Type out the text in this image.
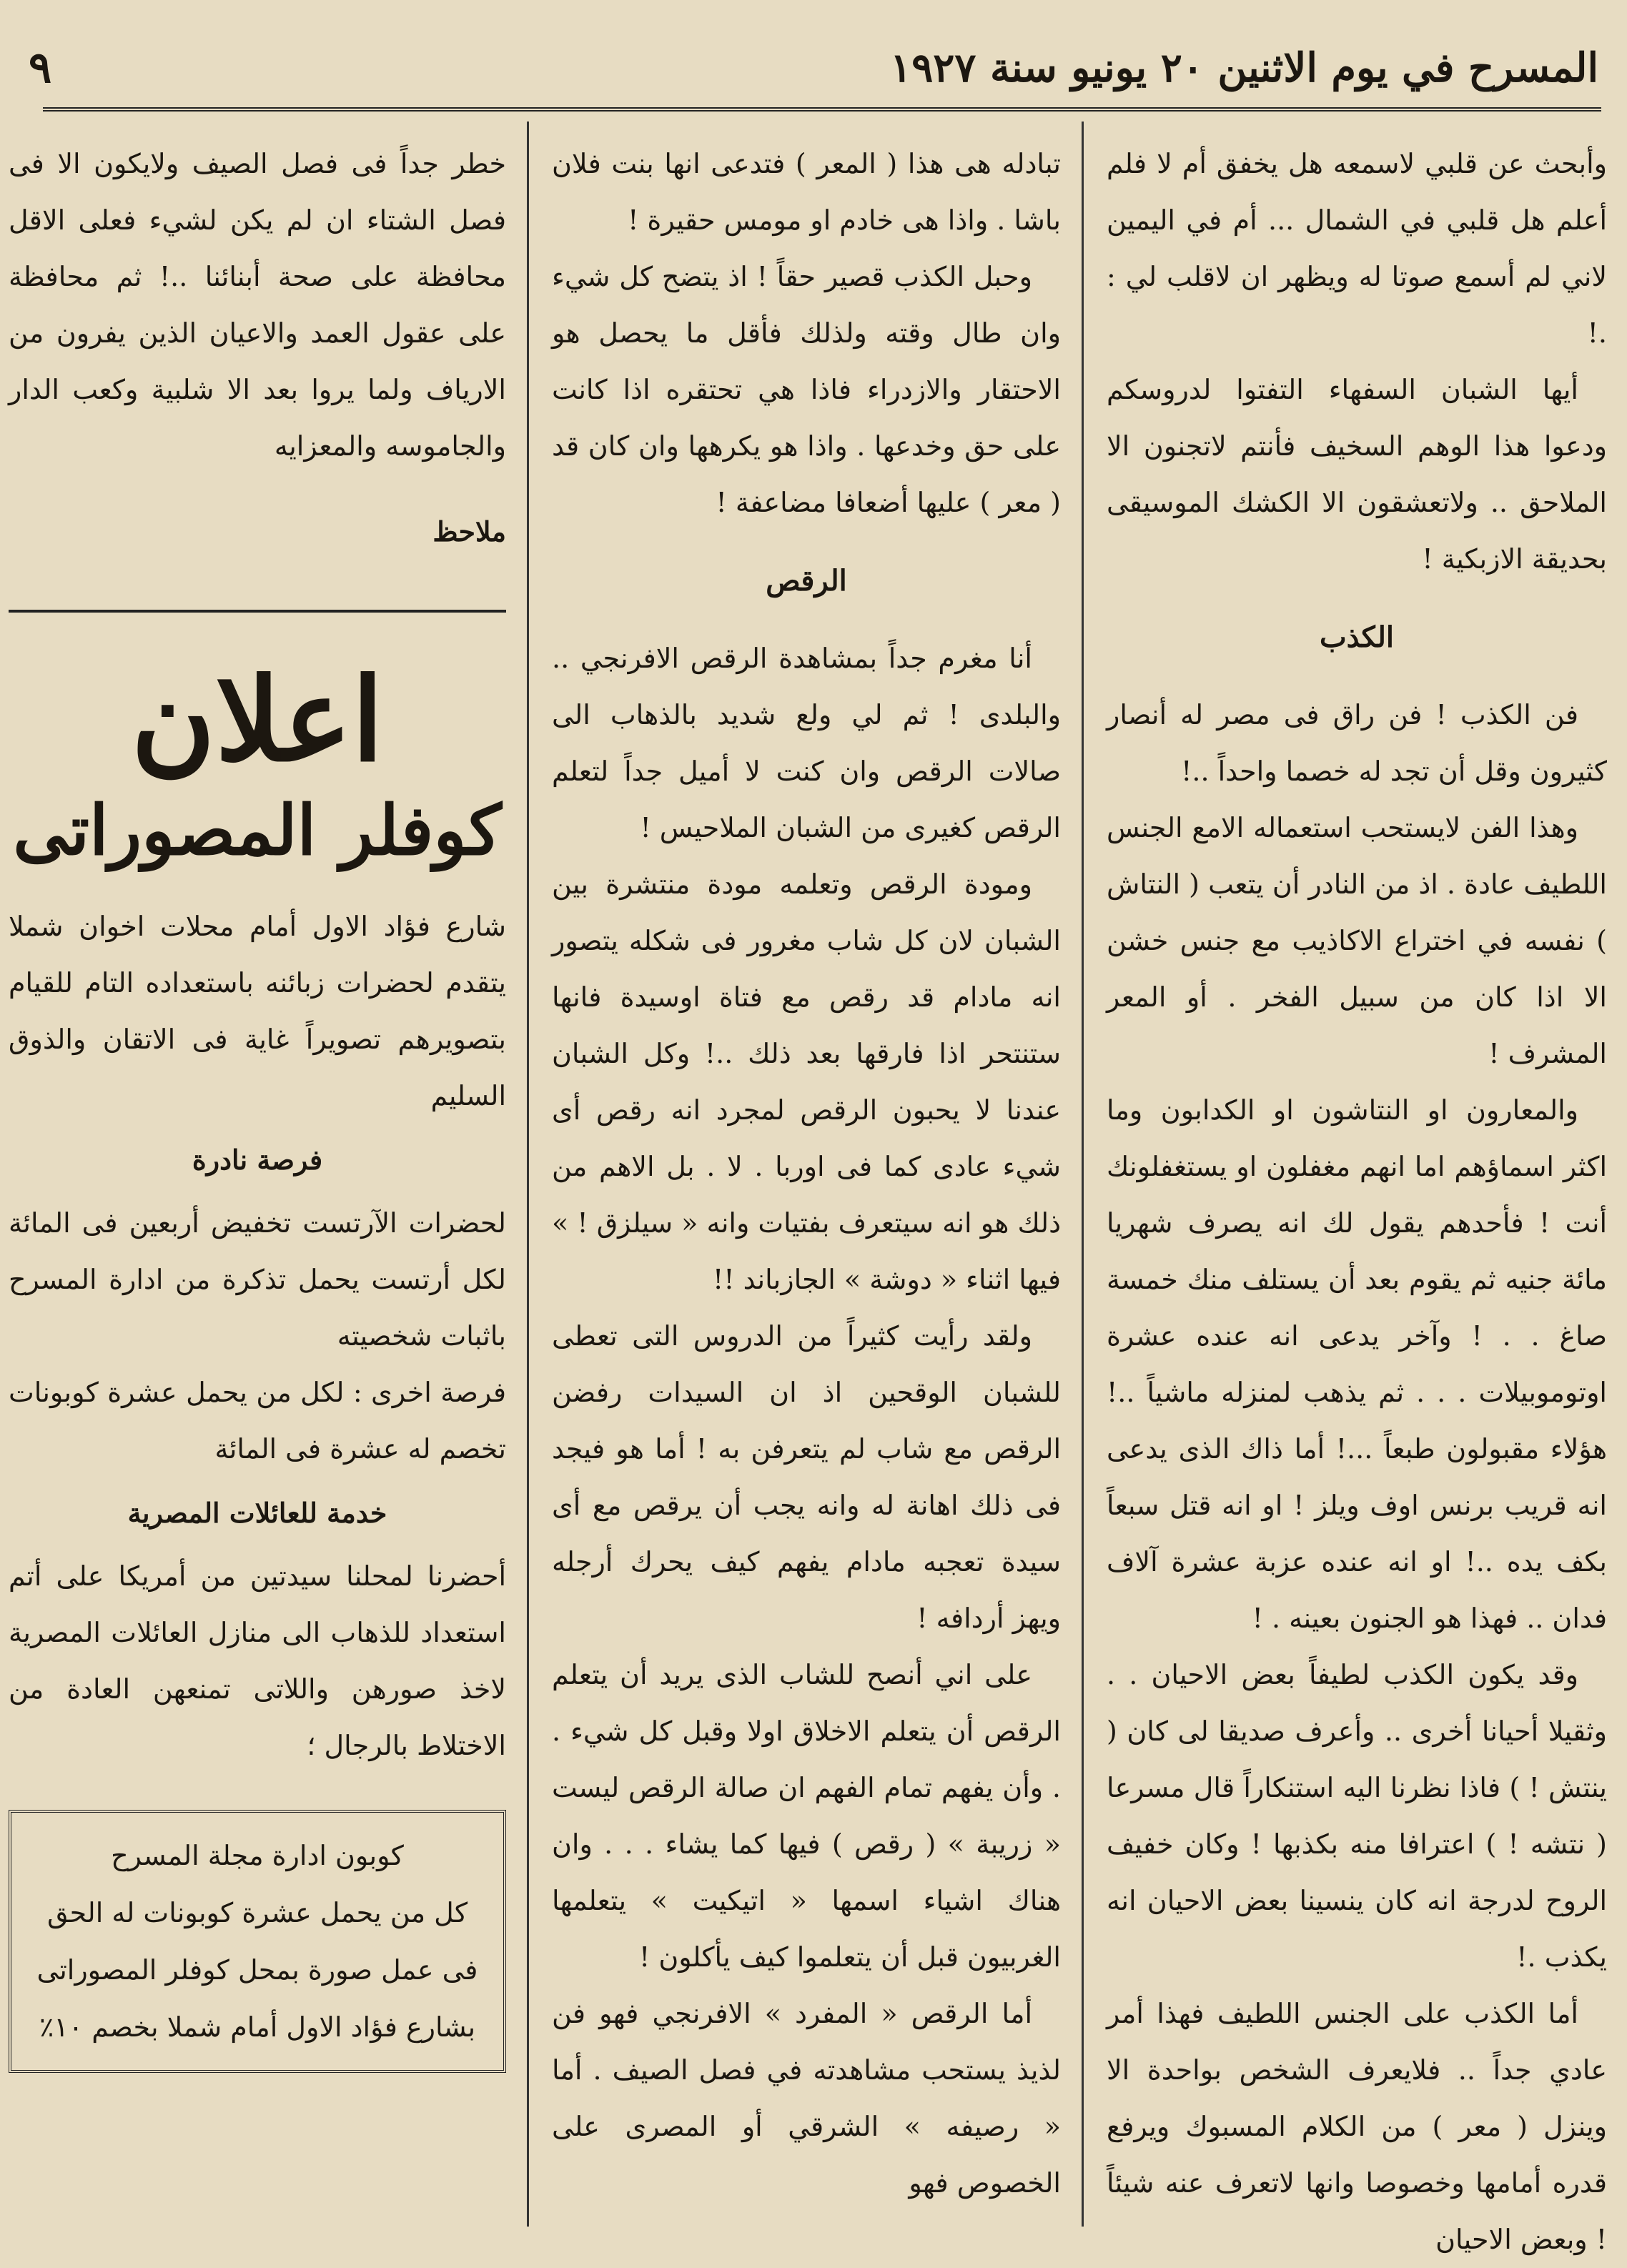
٩	المسرح في يوم الاثنين ٢٠ يونيو سنة ١٩٢٧

وأبحث عن قلبي لاسمعه هل يخفق أم لا فلم أعلم هل قلبي في الشمال ... أم في اليمين لاني لم أسمع صوتا له ويظهر ان لاقلب لي : .!

أيها الشبان السفهاء التفتوا لدروسكم ودعوا هذا الوهم السخيف فأنتم لاتجنون الا الملاحق .. ولاتعشقون الا الكشك الموسيقى بحديقة الازبكية !

الكذب

فن الكذب ! فن راق فى مصر له أنصار كثيرون وقل أن تجد له خصما واحداً ..!

وهذا الفن لايستحب استعماله الامع الجنس اللطيف عادة . اذ من النادر أن يتعب ( النتاش ) نفسه في اختراع الاكاذيب مع جنس خشن الا اذا كان من سبيل الفخر . أو المعر المشرف !

والمعارون او النتاشون او الكدابون وما اكثر اسماؤهم اما انهم مغفلون او يستغفلونك أنت ! فأحدهم يقول لك انه يصرف شهريا مائة جنيه ثم يقوم بعد أن يستلف منك خمسة صاغ . . ! وآخر يدعى انه عنده عشرة اوتوموبيلات . . . ثم يذهب لمنزله ماشياً ..! هؤلاء مقبولون طبعاً ...! أما ذاك الذى يدعى انه قريب برنس اوف ويلز ! او انه قتل سبعاً بكف يده ..! او انه عنده عزبة عشرة آلاف فدان .. فهذا هو الجنون بعينه . !

وقد يكون الكذب لطيفاً بعض الاحيان . . وثقيلا أحيانا أخرى .. وأعرف صديقا لى كان ( ينتش ! ) فاذا نظرنا اليه استنكاراً قال مسرعا ( نتشه ! ) اعترافا منه بكذبها ! وكان خفيف الروح لدرجة انه كان ينسينا بعض الاحيان انه يكذب .!

أما الكذب على الجنس اللطيف فهذا أمر عادي جداً .. فلايعرف الشخص بواحدة الا وينزل ( معر ) من الكلام المسبوك ويرفع قدره أمامها وخصوصا وانها لاتعرف عنه شيئاً ! وبعض الاحيان

تبادله هى هذا ( المعر ) فتدعى انها بنت فلان باشا . واذا هى خادم او مومس حقيرة !

وحبل الكذب قصير حقاً ! اذ يتضح كل شيء وان طال وقته ولذلك فأقل ما يحصل هو الاحتقار والازدراء فاذا هي تحتقره اذا كانت على حق وخدعها . واذا هو يكرهها وان كان قد ( معر ) عليها أضعافا مضاعفة !

الرقص

أنا مغرم جداً بمشاهدة الرقص الافرنجي .. والبلدى ! ثم لي ولع شديد بالذهاب الى صالات الرقص وان كنت لا أميل جداً لتعلم الرقص كغيرى من الشبان الملاحيس !

ومودة الرقص وتعلمه مودة منتشرة بين الشبان لان كل شاب مغرور فى شكله يتصور انه مادام قد رقص مع فتاة اوسيدة فانها ستنتحر اذا فارقها بعد ذلك ..! وكل الشبان عندنا لا يحبون الرقص لمجرد انه رقص أى شيء عادى كما فى اوربا . لا . بل الاهم من ذلك هو انه سيتعرف بفتيات وانه « سيلزق ! » فيها اثناء « دوشة » الجازباند !!

ولقد رأيت كثيراً من الدروس التى تعطى للشبان الوقحين اذ ان السيدات رفضن الرقص مع شاب لم يتعرفن به ! أما هو فيجد فى ذلك اهانة له وانه يجب أن يرقص مع أى سيدة تعجبه مادام يفهم كيف يحرك أرجله ويهز أردافه !

على اني أنصح للشاب الذى يريد أن يتعلم الرقص أن يتعلم الاخلاق اولا وقبل كل شيء . . وأن يفهم تمام الفهم ان صالة الرقص ليست « زريبة » ( رقص ) فيها كما يشاء . . . وان هناك اشياء اسمها « اتيكيت » يتعلمها الغربيون قبل أن يتعلموا كيف يأكلون !

أما الرقص « المفرد » الافرنجي فهو فن لذيذ يستحب مشاهدته في فصل الصيف . أما « رصيفه » الشرقي أو المصرى على الخصوص فهو

خطر جداً فى فصل الصيف ولايكون الا فى فصل الشتاء ان لم يكن لشيء فعلى الاقل محافظة على صحة أبنائنا ..! ثم محافظة على عقول العمد والاعيان الذين يفرون من الارياف ولما يروا بعد الا شلبية وكعب الدار والجاموسه والمعزايه

ملاحظ
اعلان
كوفلر المصوراتى

شارع فؤاد الاول أمام محلات اخوان شملا يتقدم لحضرات زبائنه باستعداده التام للقيام بتصويرهم تصويراً غاية فى الاتقان والذوق السليم

فرصة نادرة

لحضرات الآرتست تخفيض أربعين فى المائة لكل أرتست يحمل تذكرة من ادارة المسرح باثبات شخصيته

فرصة اخرى : لكل من يحمل عشرة كوبونات تخصم له عشرة فى المائة

خدمة للعائلات المصرية

أحضرنا لمحلنا سيدتين من أمريكا على أتم استعداد للذهاب الى منازل العائلات المصرية لاخذ صورهن واللاتى تمنعهن العادة من الاختلاط بالرجال ؛

كوبون ادارة مجلة المسرح
كل من يحمل عشرة كوبونات له الحق فى عمل صورة بمحل كوفلر المصوراتى بشارع فؤاد الاول أمام شملا بخصم ١٠٪
